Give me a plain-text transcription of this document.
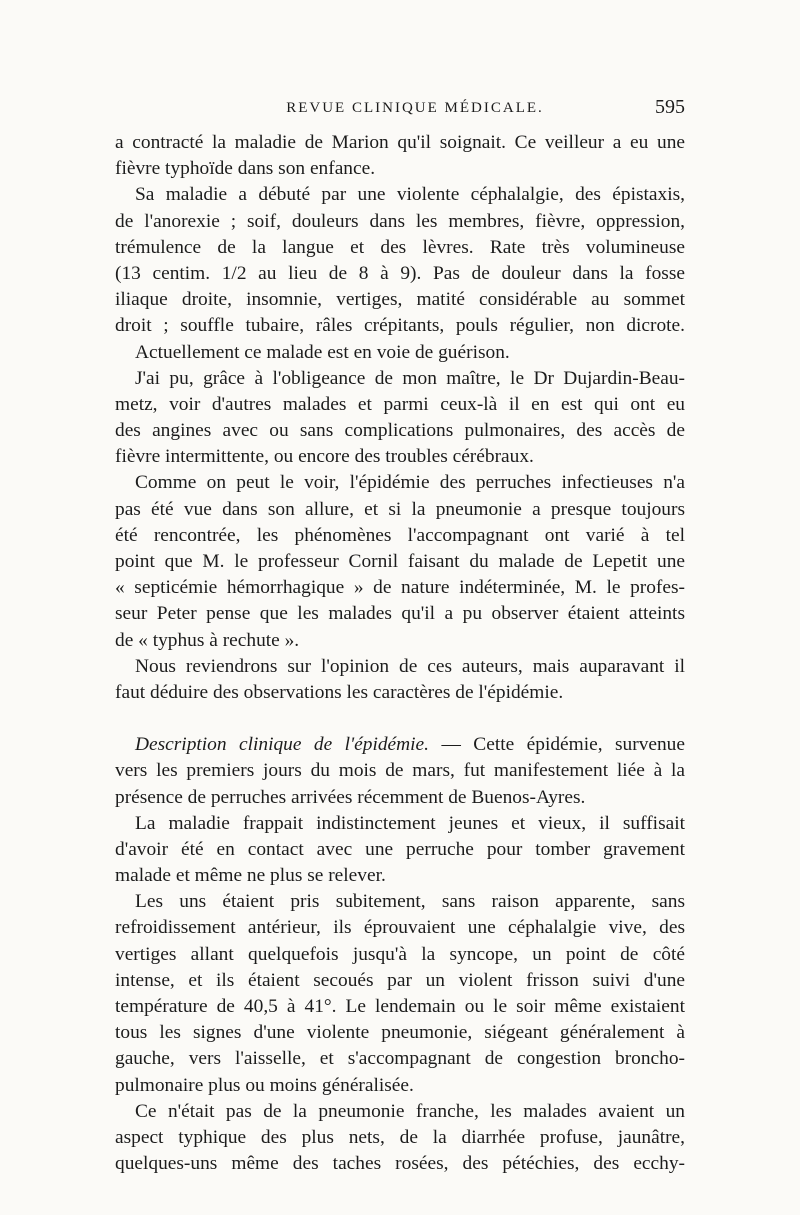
REVUE CLINIQUE MÉDICALE.	595
a contracté la maladie de Marion qu'il soignait. Ce veilleur a eu une
fièvre typhoïde dans son enfance.
Sa maladie a débuté par une violente céphalalgie, des épistaxis,
de l'anorexie ; soif, douleurs dans les membres, fièvre, oppression,
trémulence de la langue et des lèvres. Rate très volumineuse
(13 centim. 1/2 au lieu de 8 à 9). Pas de douleur dans la fosse
iliaque droite, insomnie, vertiges, matité considérable au sommet
droit ; souffle tubaire, râles crépitants, pouls régulier, non dicrote.
Actuellement ce malade est en voie de guérison.
J'ai pu, grâce à l'obligeance de mon maître, le Dr Dujardin-Beau-
metz, voir d'autres malades et parmi ceux-là il en est qui ont eu
des angines avec ou sans complications pulmonaires, des accès de
fièvre intermittente, ou encore des troubles cérébraux.
Comme on peut le voir, l'épidémie des perruches infectieuses n'a
pas été vue dans son allure, et si la pneumonie a presque toujours
été rencontrée, les phénomènes l'accompagnant ont varié à tel
point que M. le professeur Cornil faisant du malade de Lepetit une
« septicémie hémorrhagique » de nature indéterminée, M. le profes-
seur Peter pense que les malades qu'il a pu observer étaient atteints
de « typhus à rechute ».
Nous reviendrons sur l'opinion de ces auteurs, mais auparavant il
faut déduire des observations les caractères de l'épidémie.
Description clinique de l'épidémie. — Cette épidémie, survenue
vers les premiers jours du mois de mars, fut manifestement liée à la
présence de perruches arrivées récemment de Buenos-Ayres.
La maladie frappait indistinctement jeunes et vieux, il suffisait
d'avoir été en contact avec une perruche pour tomber gravement
malade et même ne plus se relever.
Les uns étaient pris subitement, sans raison apparente, sans
refroidissement antérieur, ils éprouvaient une céphalalgie vive, des
vertiges allant quelquefois jusqu'à la syncope, un point de côté
intense, et ils étaient secoués par un violent frisson suivi d'une
température de 40,5 à 41°. Le lendemain ou le soir même existaient
tous les signes d'une violente pneumonie, siégeant généralement à
gauche, vers l'aisselle, et s'accompagnant de congestion broncho-
pulmonaire plus ou moins généralisée.
Ce n'était pas de la pneumonie franche, les malades avaient un
aspect typhique des plus nets, de la diarrhée profuse, jaunâtre,
quelques-uns même des taches rosées, des pétéchies, des ecchy-
